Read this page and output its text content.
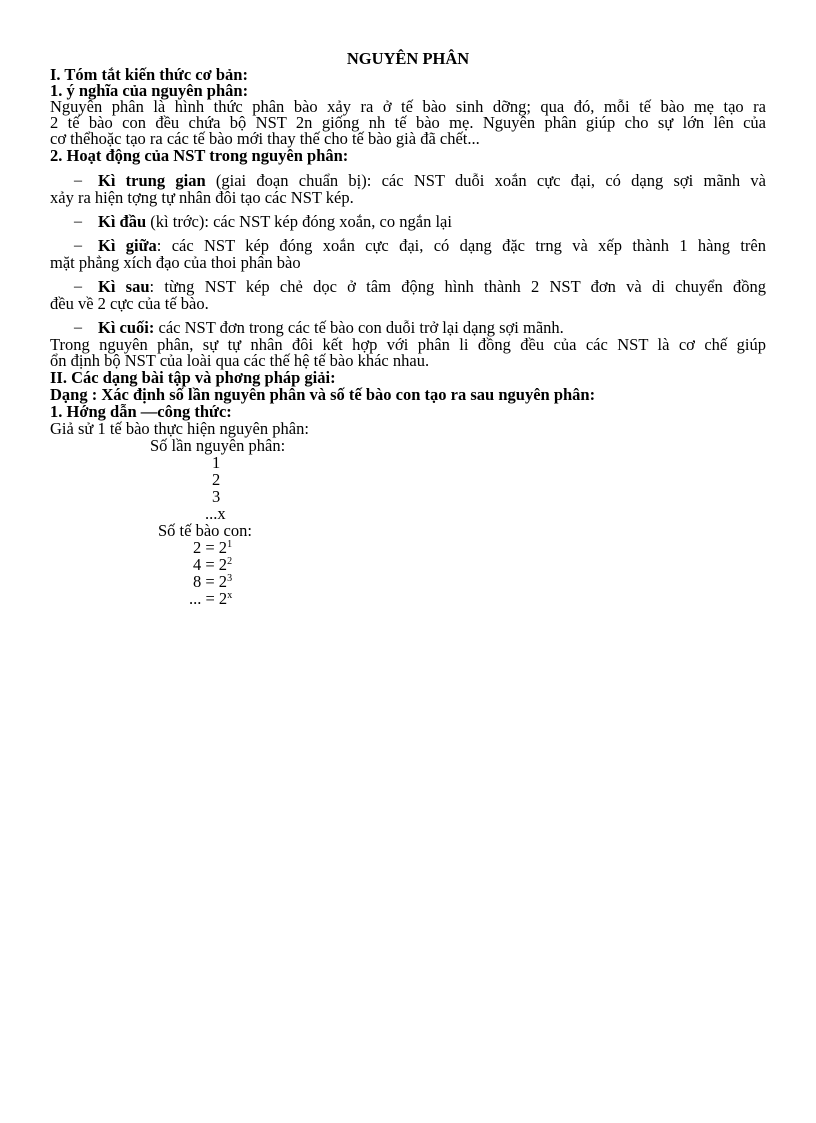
NGUYÊN PHÂN
I. Tóm tắt kiến thức cơ bản:
1. ý nghĩa của nguyên phân:
Nguyên phân là hình thức phân bào xảy ra ở tế bào sinh dỡng; qua đó, mỗi tế bào mẹ tạo ra
2 tế bào con đều chứa bộ NST 2n giống nh tế bào mẹ. Nguyên phân giúp cho sự lớn lên của
cơ thểhoặc tạo ra các tế bào mới thay thế cho tế bào già đã chết...
2. Hoạt động của NST trong nguyên phân:
– Kì trung gian (giai đoạn chuẩn bị): các NST duỗi xoắn cực đại, có dạng sợi mãnh và
xảy ra hiện tợng tự nhân đôi tạo các NST kép.
– Kì đầu (kì trớc): các NST kép đóng xoắn, co ngắn lại
– Kì giữa: các NST kép đóng xoắn cực đại, có dạng đặc trng và xếp thành 1 hàng trên
mặt phẳng xích đạo của thoi phân bào
– Kì sau: từng NST kép chẻ dọc ở tâm động hình thành 2 NST đơn và di chuyển đồng
đều về 2 cực của tế bào.
– Kì cuối: các NST đơn trong các tế bào con duỗi trở lại dạng sợi mãnh.
Trong nguyên phân, sự tự nhân đôi kết hợp với phân li đồng đều của các NST là cơ chế giúp
ổn định bộ NST của loài qua các thế hệ tế bào khác nhau.
II. Các dạng bài tập và phơng pháp giải:
Dạng : Xác định số lần nguyên phân và số tế bào con tạo ra sau nguyên phân:
1. Hớng dẫn —công thức:
Giả sử 1 tế bào thực hiện nguyên phân:
Số lần nguyên phân:
1
2
3
...x
Số tế bào con:
$2 = 2^1$
$4 = 2^2$
$8 = 2^3$
... = $2^x$
